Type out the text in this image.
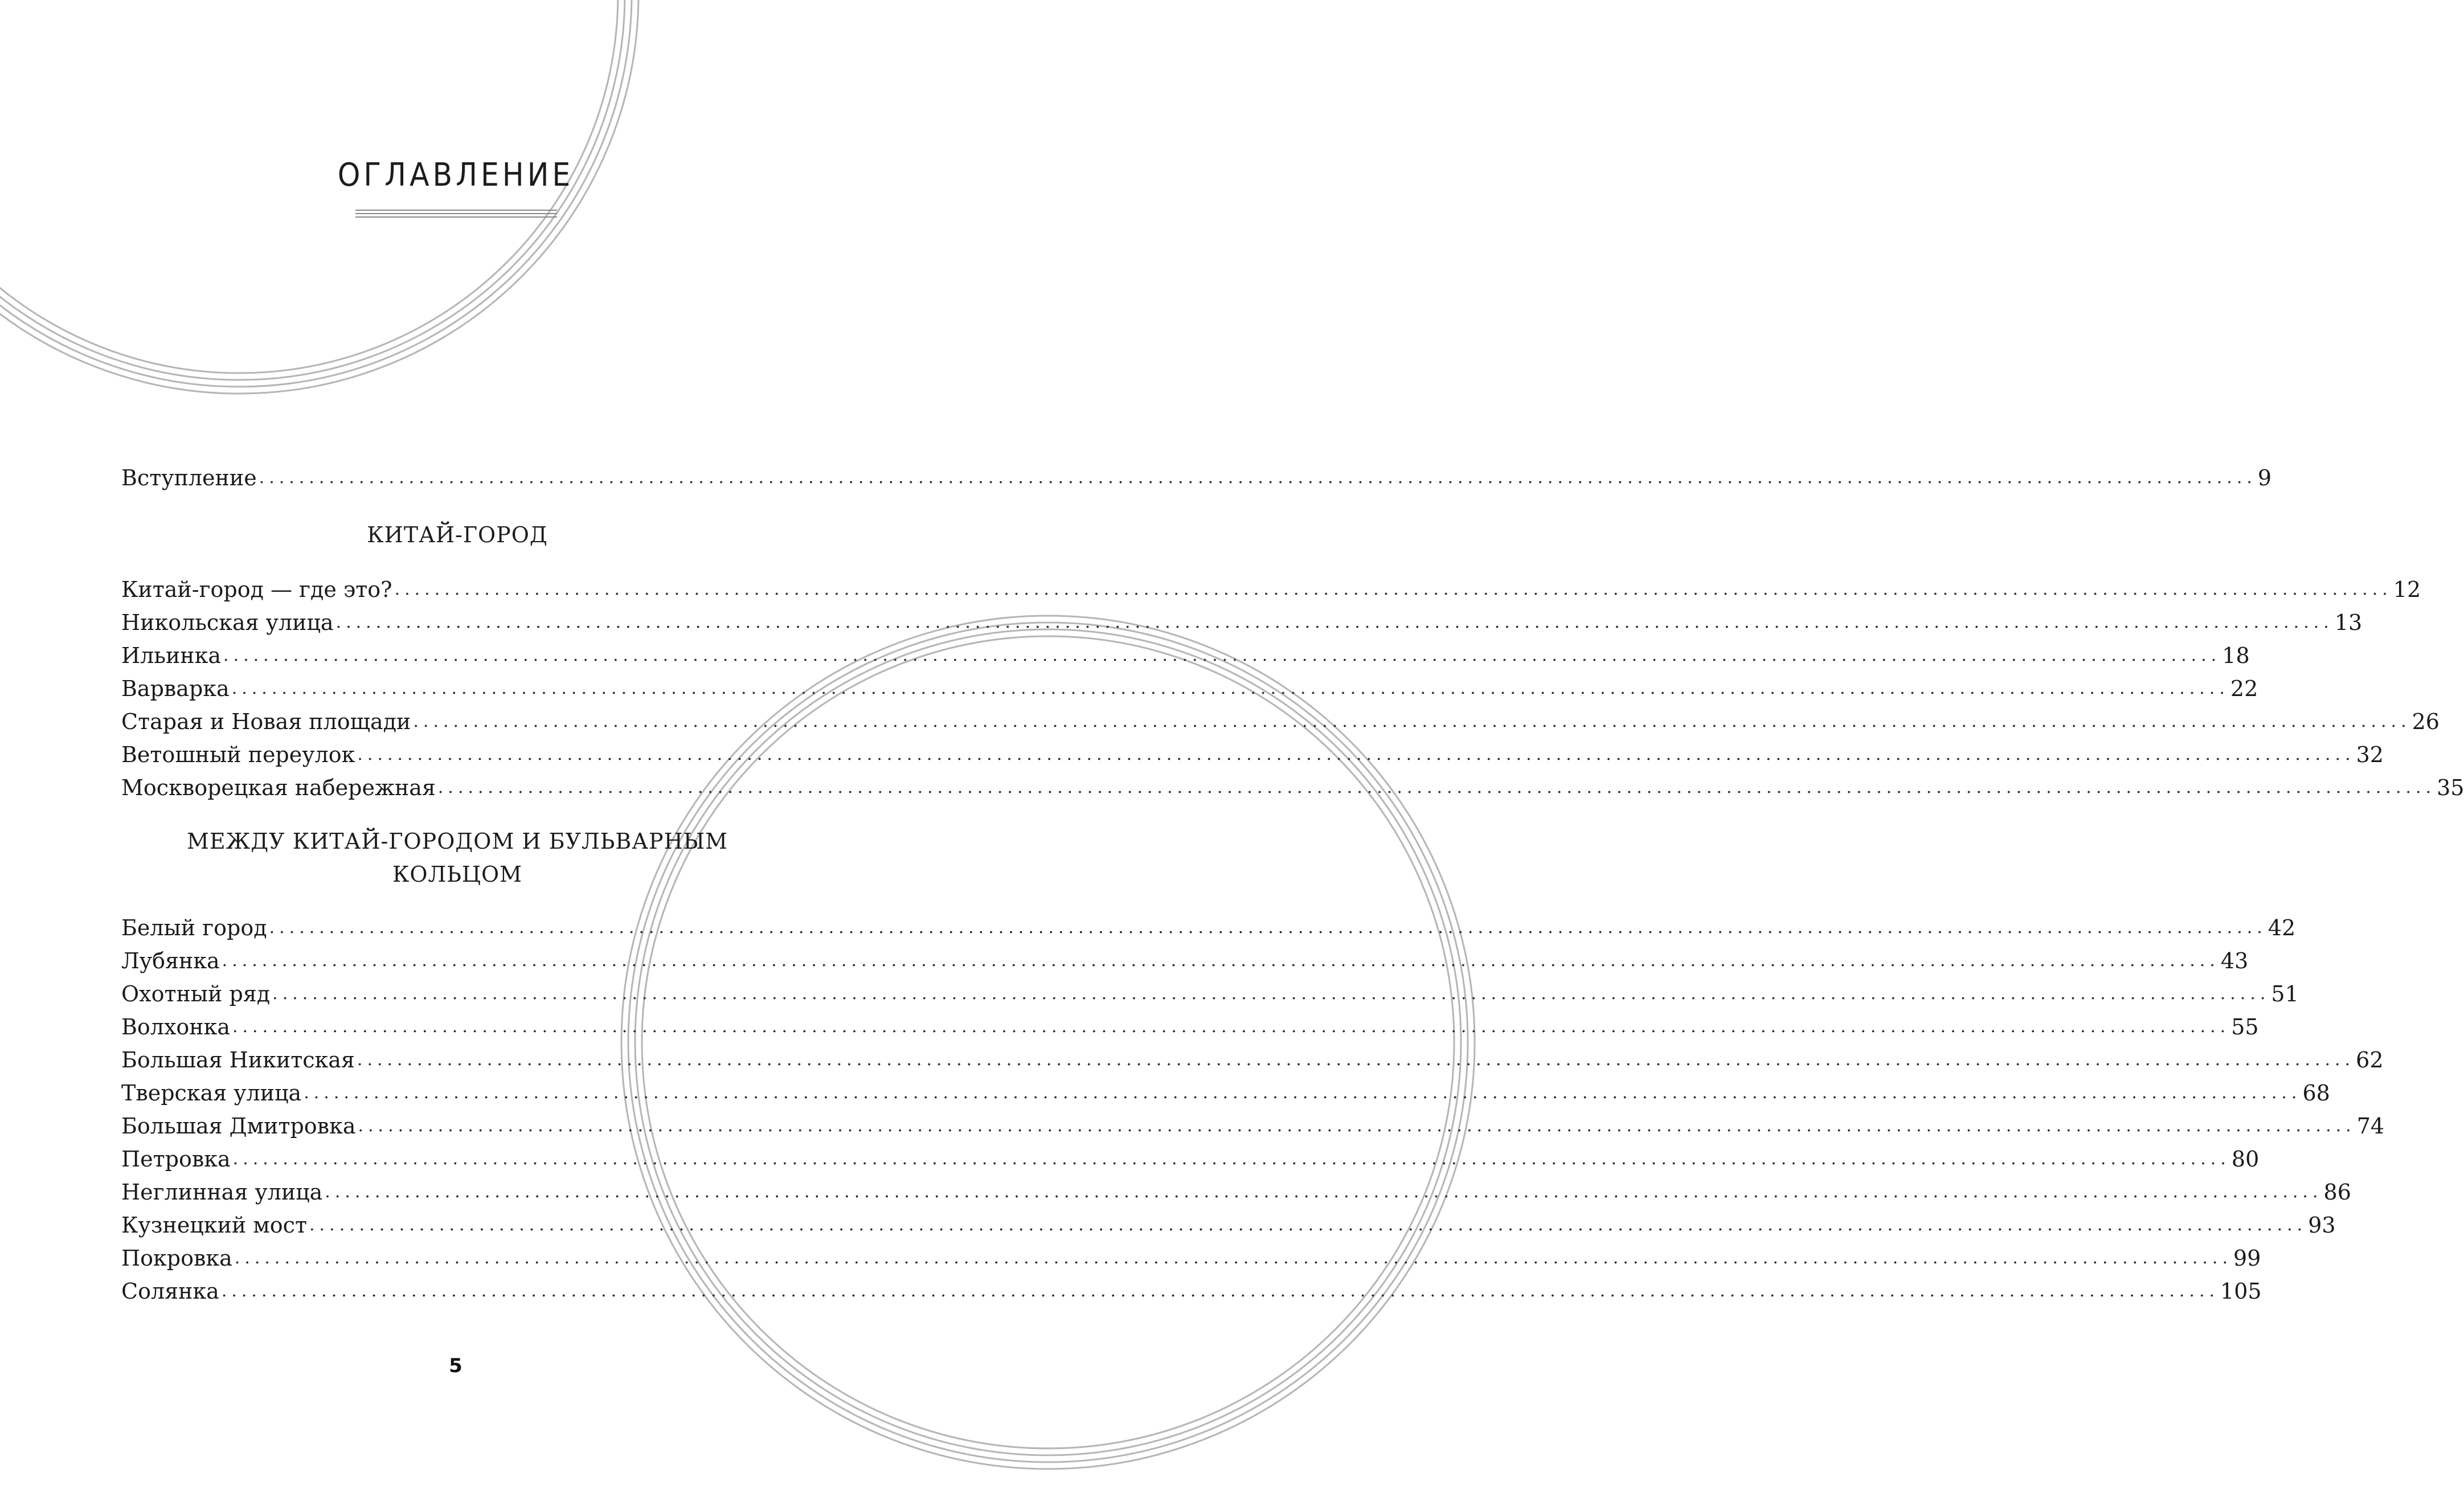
ОГЛАВЛЕНИЕ
Вступление ........................................................................................................................................................................................................ 9
КИТАЙ-ГОРОД
Китай-город — где это? ........................................................................................................................................................................................................ 12
Никольская улица ........................................................................................................................................................................................................ 13
Ильинка ........................................................................................................................................................................................................ 18
Варварка ........................................................................................................................................................................................................ 22
Старая и Новая площади ........................................................................................................................................................................................................ 26
Ветошный переулок ........................................................................................................................................................................................................ 32
Москворецкая набережная ........................................................................................................................................................................................................ 35
МЕЖДУ КИТАЙ-ГОРОДОМ И БУЛЬВАРНЫМ
КОЛЬЦОМ
Белый город ........................................................................................................................................................................................................ 42
Лубянка ........................................................................................................................................................................................................ 43
Охотный ряд ........................................................................................................................................................................................................ 51
Волхонка ........................................................................................................................................................................................................ 55
Большая Никитская ........................................................................................................................................................................................................ 62
Тверская улица ........................................................................................................................................................................................................ 68
Большая Дмитровка ........................................................................................................................................................................................................ 74
Петровка ........................................................................................................................................................................................................ 80
Неглинная улица ........................................................................................................................................................................................................ 86
Кузнецкий мост ........................................................................................................................................................................................................ 93
Покровка ........................................................................................................................................................................................................ 99
Солянка ........................................................................................................................................................................................................ 105
5
